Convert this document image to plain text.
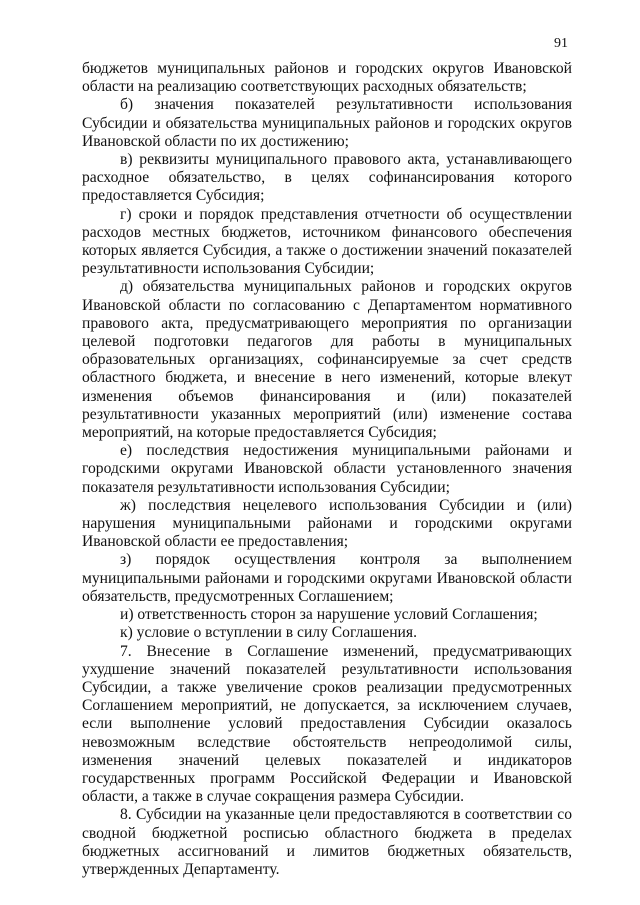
91

бюджетов муниципальных районов и городских округов Ивановской области на реализацию соответствующих расходных обязательств;

б) значения показателей результативности использования Субсидии и обязательства муниципальных районов и городских округов Ивановской области по их достижению;

в) реквизиты муниципального правового акта, устанавливающего расходное обязательство, в целях софинансирования которого предоставляется Субсидия;

г) сроки и порядок представления отчетности об осуществлении расходов местных бюджетов, источником финансового обеспечения которых является Субсидия, а также о достижении значений показателей результативности использования Субсидии;

д) обязательства муниципальных районов и городских округов Ивановской области по согласованию с Департаментом нормативного правового акта, предусматривающего мероприятия по организации целевой подготовки педагогов для работы в муниципальных образовательных организациях, софинансируемые за счет средств областного бюджета, и внесение в него изменений, которые влекут изменения объемов финансирования и (или) показателей результативности указанных мероприятий (или) изменение состава мероприятий, на которые предоставляется Субсидия;

е) последствия недостижения муниципальными районами и городскими округами Ивановской области установленного значения показателя результативности использования Субсидии;

ж) последствия нецелевого использования Субсидии и (или) нарушения муниципальными районами и городскими округами Ивановской области ее предоставления;

з) порядок осуществления контроля за выполнением муниципальными районами и городскими округами Ивановской области обязательств, предусмотренных Соглашением;

и) ответственность сторон за нарушение условий Соглашения;

к) условие о вступлении в силу Соглашения.

7. Внесение в Соглашение изменений, предусматривающих ухудшение значений показателей результативности использования Субсидии, а также увеличение сроков реализации предусмотренных Соглашением мероприятий, не допускается, за исключением случаев, если выполнение условий предоставления Субсидии оказалось невозможным вследствие обстоятельств непреодолимой силы, изменения значений целевых показателей и индикаторов государственных программ Российской Федерации и Ивановской области, а также в случае сокращения размера Субсидии.

8. Субсидии на указанные цели предоставляются в соответствии со сводной бюджетной росписью областного бюджета в пределах бюджетных ассигнований и лимитов бюджетных обязательств, утвержденных Департаменту.
